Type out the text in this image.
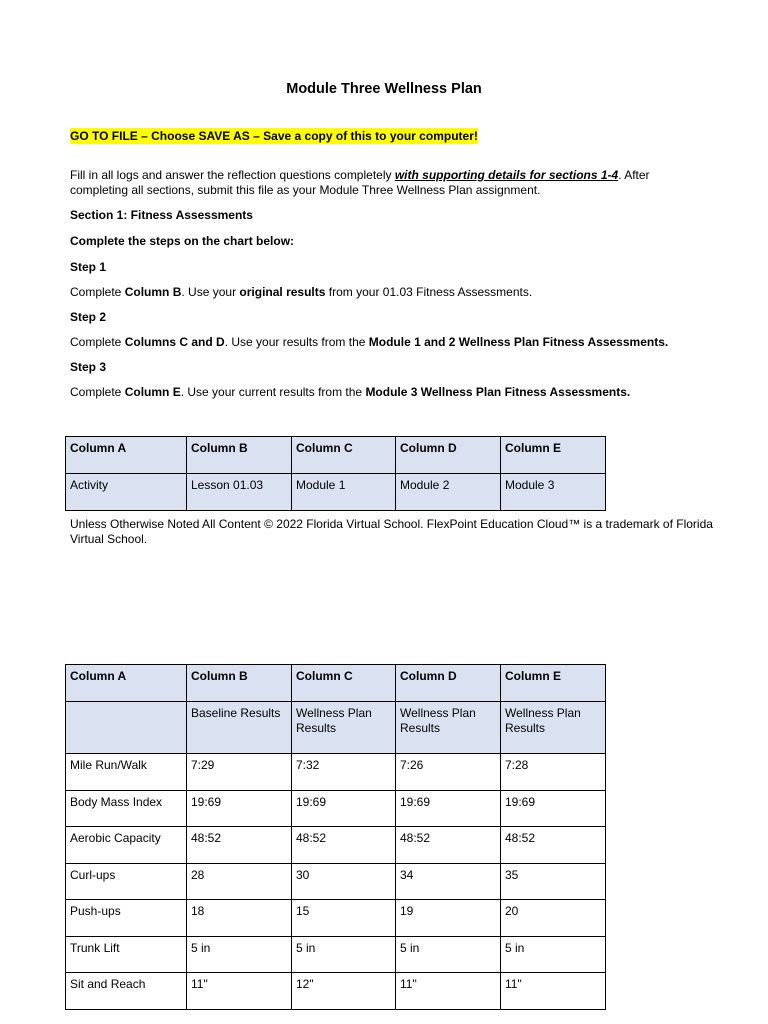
Module Three Wellness Plan
GO TO FILE – Choose SAVE AS – Save a copy of this to your computer!
Fill in all logs and answer the reflection questions completely with supporting details for sections 1-4. After completing all sections, submit this file as your Module Three Wellness Plan assignment.
Section 1: Fitness Assessments
Complete the steps on the chart below:
Step 1
Complete Column B. Use your original results from your 01.03 Fitness Assessments.
Step 2
Complete Columns C and D. Use your results from the Module 1 and 2 Wellness Plan Fitness Assessments.
Step 3
Complete Column E. Use your current results from the Module 3 Wellness Plan Fitness Assessments.
Column A	Column B	Column C	Column D	Column E
Activity	Lesson 01.03	Module 1	Module 2	Module 3
Unless Otherwise Noted All Content © 2022 Florida Virtual School. FlexPoint Education Cloud™ is a trademark of Florida Virtual School.
Column A	Column B	Column C	Column D	Column E
	Baseline Results	Wellness Plan Results	Wellness Plan Results	Wellness Plan Results
Mile Run/Walk	7:29	7:32	7:26	7:28
Body Mass Index	19:69	19:69	19:69	19:69
Aerobic Capacity	48:52	48:52	48:52	48:52
Curl-ups	28	30	34	35
Push-ups	18	15	19	20
Trunk Lift	5 in	5 in	5 in	5 in
Sit and Reach	11"	12"	11"	11"
